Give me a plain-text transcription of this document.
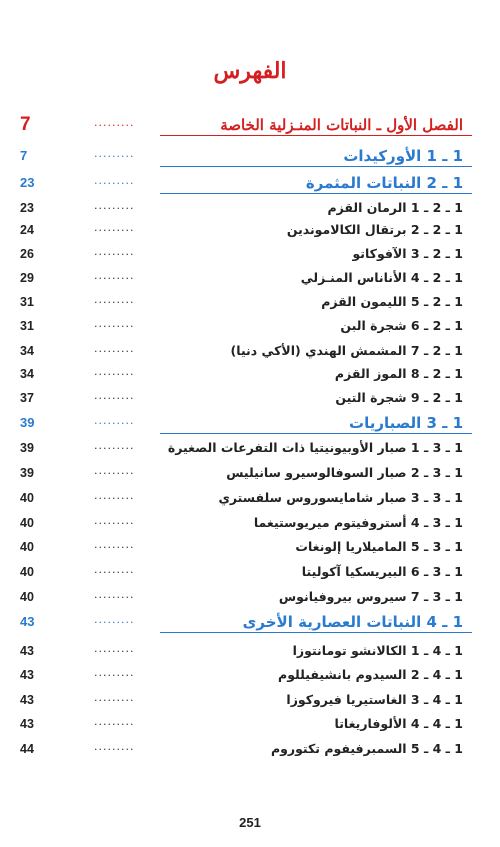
الفهرس
7	.........	الفصل الأول ـ النباتات المنـزلية الخاصة
7	.........	1 ـ 1 الأوركيدات
23	.........	1 ـ 2 النباتات المثمرة
23	.........	1 ـ 2 ـ 1 الرمان القزم
24	.........	1 ـ 2 ـ 2 برتقال الكالاموندين
26	.........	1 ـ 2 ـ 3 الآفوكاتو
29	.........	1 ـ 2 ـ 4 الأناناس المنـزلي
31	.........	1 ـ 2 ـ 5 الليمون القزم
31	.........	1 ـ 2 ـ 6 شجرة البن
34	.........	1 ـ 2 ـ 7 المشمش الهندي (الأكي دنيا)
34	.........	1 ـ 2 ـ 8 الموز القزم
37	.........	1 ـ 2 ـ 9 شجرة التين
39	.........	1 ـ 3 الصباريات
39	.........	1 ـ 3 ـ 1 صبار الأوبيونيتيا ذات التفرعات الصغيرة
39	.........	1 ـ 3 ـ 2 صبار السوفالوسيرو سانيليس
40	.........	1 ـ 3 ـ 3 صبار شامايسوروس سلفستري
40	.........	1 ـ 3 ـ 4 أستروفيتوم ميريوستيغما
40	.........	1 ـ 3 ـ 5 الماميلاريا إلونغات
40	.........	1 ـ 3 ـ 6 البيريسكيا آكوليتا
40	.........	1 ـ 3 ـ 7 سيروس بيروفيانوس
43	.........	1 ـ 4 النباتات العصارية الأخرى
43	.........	1 ـ 4 ـ 1 الكالانشو تومانتوزا
43	.........	1 ـ 4 ـ 2 السيدوم بانشيفيللوم
43	.........	1 ـ 4 ـ 3 الغاستيريا فيروكوزا
43	.........	1 ـ 4 ـ 4 الألوفاريغاتا
44	.........	1 ـ 4 ـ 5 السمبرفيفوم تكتوروم
251
